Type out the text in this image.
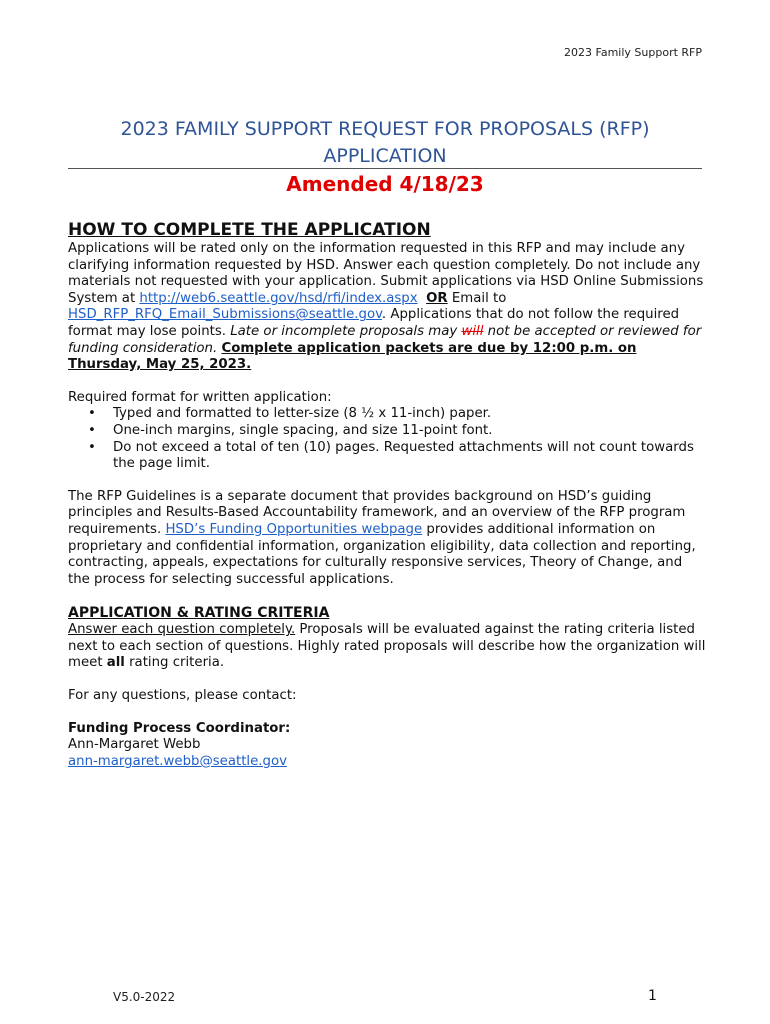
2023 Family Support RFP
2023 FAMILY SUPPORT REQUEST FOR PROPOSALS (RFP)
APPLICATION
Amended 4/18/23
HOW TO COMPLETE THE APPLICATION

Applications will be rated only on the information requested in this RFP and may include any clarifying information requested by HSD. Answer each question completely. Do not include any materials not requested with your application. Submit applications via HSD Online Submissions System at http://web6.seattle.gov/hsd/rfi/index.aspx OR Email to HSD_RFP_RFQ_Email_Submissions@seattle.gov. Applications that do not follow the required format may lose points. Late or incomplete proposals may will not be accepted or reviewed for funding consideration. Complete application packets are due by 12:00 p.m. on Thursday, May 25, 2023.

Required format for written application:

• Typed and formatted to letter-size (8 ½ x 11-inch) paper.
• One-inch margins, single spacing, and size 11-point font.
• Do not exceed a total of ten (10) pages. Requested attachments will not count towards the page limit.

The RFP Guidelines is a separate document that provides background on HSD’s guiding principles and Results-Based Accountability framework, and an overview of the RFP program requirements. HSD’s Funding Opportunities webpage provides additional information on proprietary and confidential information, organization eligibility, data collection and reporting, contracting, appeals, expectations for culturally responsive services, Theory of Change, and the process for selecting successful applications.

APPLICATION & RATING CRITERIA

Answer each question completely. Proposals will be evaluated against the rating criteria listed next to each section of questions. Highly rated proposals will describe how the organization will meet all rating criteria.

For any questions, please contact:

Funding Process Coordinator:

Ann-Margaret Webb

ann-margaret.webb@seattle.gov

V5.0-2022	1
